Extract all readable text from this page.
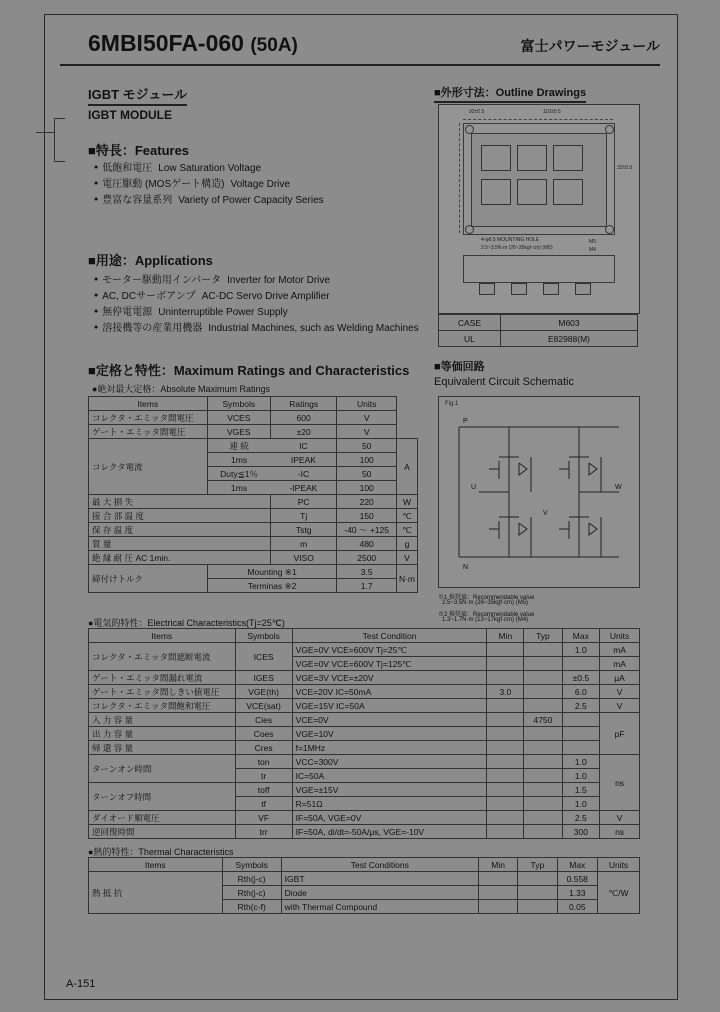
6MBI50FA-060 (50A)	富士パワーモジュール
IGBT モジュール
IGBT MODULE
■特長：Features
● 低飽和電圧 Low Saturation Voltage
● 電圧駆動 (MOSゲート構造) Voltage Drive
● 豊富な容量系列 Variety of Power Capacity Series
■用途：Applications
● モーター駆動用インバータ Inverter for Motor Drive
● AC, DCサーボアンプ AC-DC Servo Drive Amplifier
● 無停電電源 Uninterruptible Power Supply
● 溶接機等の産業用機器 Industrial Machines, such as Welding Machines
■定格と特性：Maximum Ratings and Characteristics
●絶対最大定格：Absolute Maximum Ratings
Items	Symbols	Ratings	Units	
コレクタ・エミッタ間電圧	VCES	600	V	
ゲート・エミッタ間電圧	VGES	±20	V	
コレクタ電流	連 続	IC	50	A
	1ms	IPEAK	100	
	Duty≦1％	-IC	50	
	1ms	-IPEAK	100	
最 大 損 失		PC	220	W
接 合 部 温 度		Tj	150	℃
保 存 温 度		Tstg	-40 ～ +125	℃
質 量		m	480	g
絶 縁 耐 圧 AC 1min.		VISO	2500	V
締付けトルク	Mounting ※1		3.5	N·m
	Terminas ※2		1.7	
●電気的特性：Electrical Characteristics(Tj=25℃)
Items	Symbols	Test Condition	Min	Typ	Max	Units
コレクタ・エミッタ間遮断電流	ICES	VGE=0V VCE=600V Tj=25℃			1.0	mA
		VGE=0V VCE=600V Tj=125℃				mA
ゲート・エミッタ間漏れ電流	IGES	VGE=3V VCE=±20V			±0.5	μA
ゲート・エミッタ間しきい値電圧	VGE(th)	VCE=20V IC=50mA	3.0		6.0	V
コレクタ・エミッタ間飽和電圧	VCE(sat)	VGE=15V IC=50A			2.5	V
入 力 容 量	Cies	VCE=0V		4750		pF
出 力 容 量	Coes	VGE=10V				
帰 還 容 量	Cres	f=1MHz				
ターンオン時間	ton	VCC=300V			1.0	ns
	tr	IC=50A			1.0	
ターンオフ時間	toff	VGE=±15V			1.5	
	tf	R=51Ω			1.0	
ダイオード順電圧	VF	IF=50A, VGE=0V			2.5	V
逆回復時間	trr	IF=50A, di/dt=-50A/μs, VGE=-10V			300	ns
●熱的特性：Thermal Characteristics
Items	Symbols	Test Conditions	Min	Typ	Max	Units
熱 抵 抗	Rth(j-c)	IGBT			0.558	℃/W
	Rth(j-c)	Diode			1.33	
	Rth(c-f)	with Thermal Compound			0.05	
■外形寸法：Outline Drawings
92±0.5	110±0.5
4-φ6.5 MOUNTING HOLE
2.5~3.5N·m (26~35kgf·cm) (M5)
M5
M4
32±0.5
CASE	M603
UL	E82988(M)
■等価回路
Equivalent Circuit Schematic
Fig.1
P
N
U	W
V
※1 推奨値：Recommendable value
2.5~3.5N·m (26~35kgf·cm) (M5)
※2 推奨値：Recommendable value
1.3~1.7N·m (13~17kgf·cm) (M4)
A-151
